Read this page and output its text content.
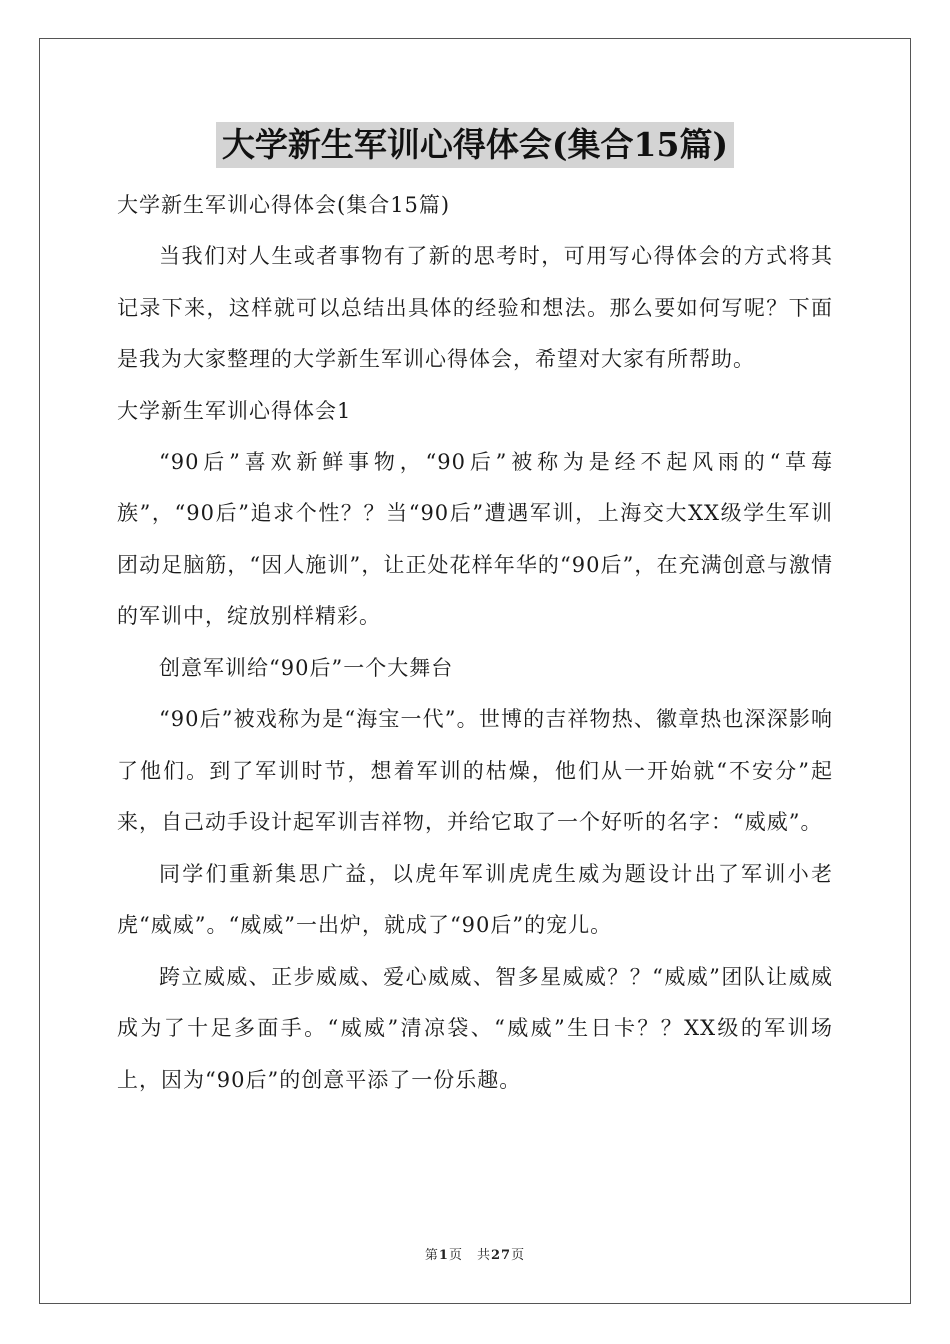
大学新生军训心得体会(集合15篇)
大学新生军训心得体会(集合15篇)

当我们对人生或者事物有了新的思考时，可用写心得体会的方式将其记录下来，这样就可以总结出具体的经验和想法。那么要如何写呢？下面是我为大家整理的大学新生军训心得体会，希望对大家有所帮助。

大学新生军训心得体会1

“90后”喜欢新鲜事物，“90后”被称为是经不起风雨的“草莓族”，“90后”追求个性？？当“90后”遭遇军训，上海交大XX级学生军训团动足脑筋，“因人施训”，让正处花样年华的“90后”，在充满创意与激情的军训中，绽放别样精彩。

创意军训给“90后”一个大舞台

“90后”被戏称为是“海宝一代”。世博的吉祥物热、徽章热也深深影响了他们。到了军训时节，想着军训的枯燥，他们从一开始就“不安分”起来，自己动手设计起军训吉祥物，并给它取了一个好听的名字：“威威”。

同学们重新集思广益，以虎年军训虎虎生威为题设计出了军训小老虎“威威”。“威威”一出炉，就成了“90后”的宠儿。

跨立威威、正步威威、爱心威威、智多星威威？？“威威”团队让威威成为了十足多面手。“威威”清凉袋、“威威”生日卡？？XX级的军训场上，因为“90后”的创意平添了一份乐趣。

第1页　共27页
